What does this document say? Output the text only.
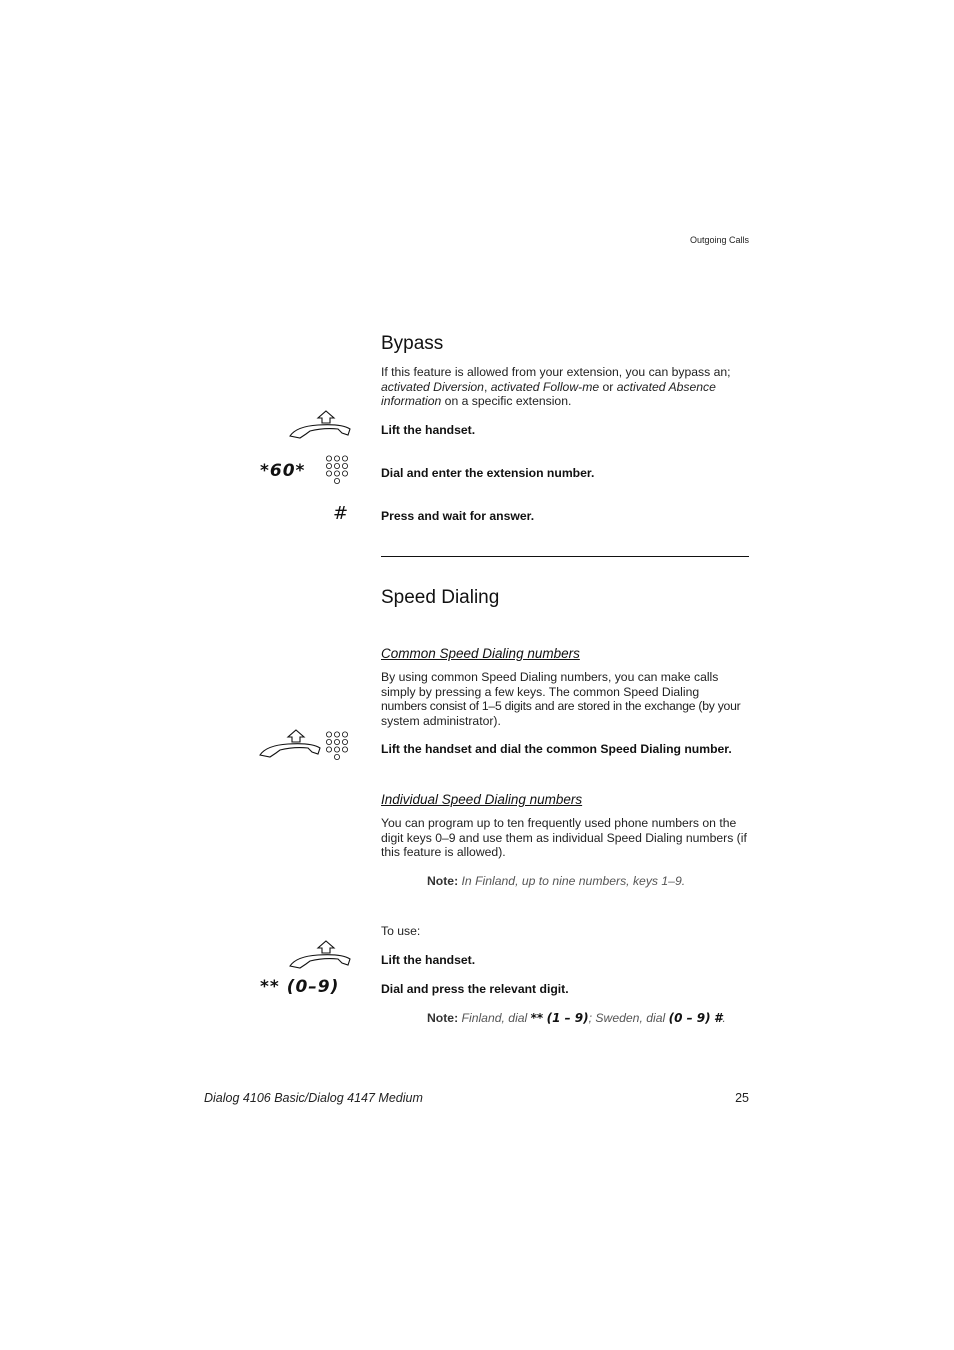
Outgoing Calls
Bypass
If this feature is allowed from your extension, you can bypass an;
activated Diversion, activated Follow-me or activated Absence
information on a specific extension.
Lift the handset.
*60*	Dial and enter the extension number.
#	Press and wait for answer.
Speed Dialing
Common Speed Dialing numbers
By using common Speed Dialing numbers, you can make calls
simply by pressing a few keys. The common Speed Dialing
numbers consist of 1–5 digits and are stored in the exchange (by your
system administrator).
Lift the handset and dial the common Speed Dialing number.
Individual Speed Dialing numbers
You can program up to ten frequently used phone numbers on the
digit keys 0–9 and use them as individual Speed Dialing numbers (if
this feature is allowed).
Note: In Finland, up to nine numbers, keys 1–9.
To use:
Lift the handset.
** (0–9)	Dial and press the relevant digit.
Note: Finland, dial ** (1 – 9); Sweden, dial (0 – 9) #.
Dialog 4106 Basic/Dialog 4147 Medium	25
